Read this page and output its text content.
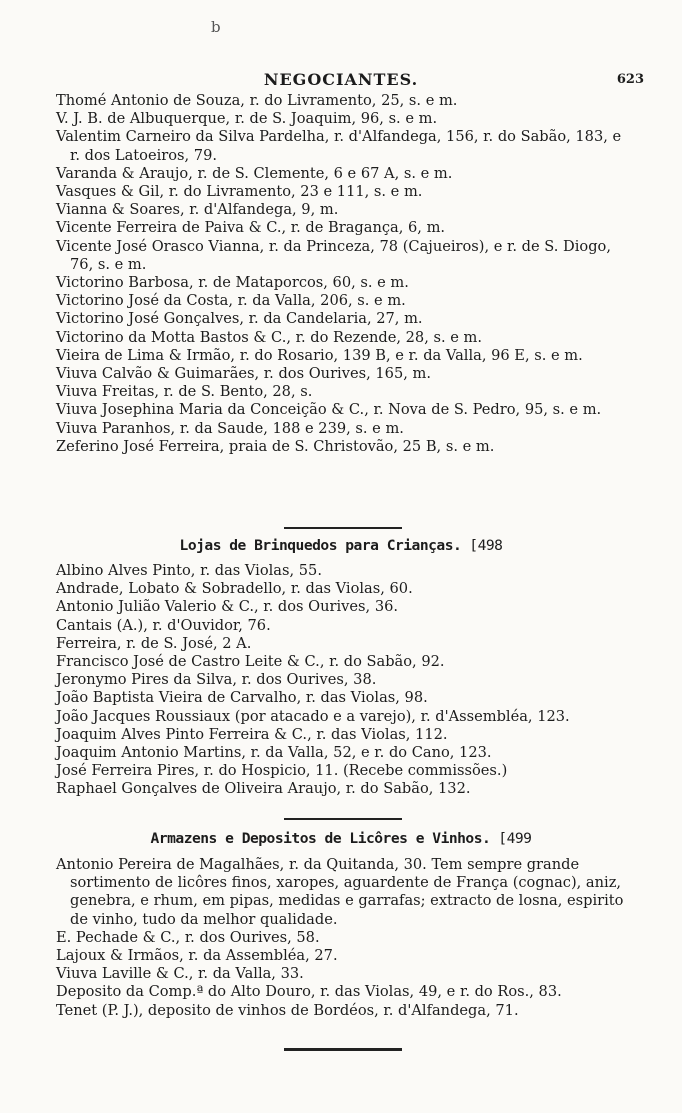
b
NEGOCIANTES.	623
Thomé Antonio de Souza, r. do Livramento, 25, s. e m.
V. J. B. de Albuquerque, r. de S. Joaquim, 96, s. e m.
Valentim Carneiro da Silva Pardelha, r. d'Alfandega, 156, r. do Sabão, 183, e r. dos Latoeiros, 79.
Varanda & Araujo, r. de S. Clemente, 6 e 67 A, s. e m.
Vasques & Gil, r. do Livramento, 23 e 111, s. e m.
Vianna & Soares, r. d'Alfandega, 9, m.
Vicente Ferreira de Paiva & C., r. de Bragança, 6, m.
Vicente José Orasco Vianna, r. da Princeza, 78 (Cajueiros), e r. de S. Diogo, 76, s. e m.
Victorino Barbosa, r. de Mataporcos, 60, s. e m.
Victorino José da Costa, r. da Valla, 206, s. e m.
Victorino José Gonçalves, r. da Candelaria, 27, m.
Victorino da Motta Bastos & C., r. do Rezende, 28, s. e m.
Vieira de Lima & Irmão, r. do Rosario, 139 B, e r. da Valla, 96 E, s. e m.
Viuva Calvão & Guimarães, r. dos Ourives, 165, m.
Viuva Freitas, r. de S. Bento, 28, s.
Viuva Josephina Maria da Conceição & C., r. Nova de S. Pedro, 95, s. e m.
Viuva Paranhos, r. da Saude, 188 e 239, s. e m.
Zeferino José Ferreira, praia de S. Christovão, 25 B, s. e m.
Lojas de Brinquedos para Crianças. [498
Albino Alves Pinto, r. das Violas, 55.
Andrade, Lobato & Sobradello, r. das Violas, 60.
Antonio Julião Valerio & C., r. dos Ourives, 36.
Cantais (A.), r. d'Ouvidor, 76.
Ferreira, r. de S. José, 2 A.
Francisco José de Castro Leite & C., r. do Sabão, 92.
Jeronymo Pires da Silva, r. dos Ourives, 38.
João Baptista Vieira de Carvalho, r. das Violas, 98.
João Jacques Roussiaux (por atacado e a varejo), r. d'Assembléa, 123.
Joaquim Alves Pinto Ferreira & C., r. das Violas, 112.
Joaquim Antonio Martins, r. da Valla, 52, e r. do Cano, 123.
José Ferreira Pires, r. do Hospicio, 11. (Recebe commissões.)
Raphael Gonçalves de Oliveira Araujo, r. do Sabão, 132.
Armazens e Depositos de Licôres e Vinhos. [499
Antonio Pereira de Magalhães, r. da Quitanda, 30. Tem sempre grande sortimento de licôres finos, xaropes, aguardente de França (cognac), aniz, genebra, e rhum, em pipas, medidas e garrafas; extracto de losna, espirito de vinho, tudo da melhor qualidade.
E. Pechade & C., r. dos Ourives, 58.
Lajoux & Irmãos, r. da Assembléa, 27.
Viuva Laville & C., r. da Valla, 33.
Deposito da Comp.ª do Alto Douro, r. das Violas, 49, e r. do Ros., 83.
Tenet (P. J.), deposito de vinhos de Bordéos, r. d'Alfandega, 71.
